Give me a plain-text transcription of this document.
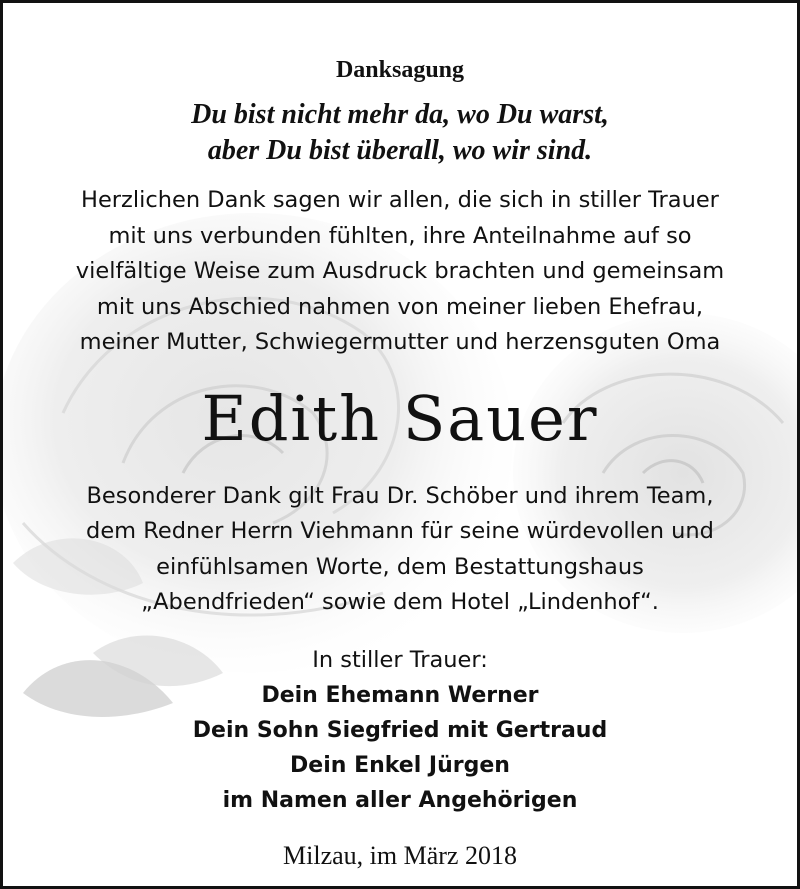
Danksagung
Du bist nicht mehr da, wo Du warst,
aber Du bist überall, wo wir sind.
Herzlichen Dank sagen wir allen, die sich in stiller Trauer
mit uns verbunden fühlten, ihre Anteilnahme auf so
vielfältige Weise zum Ausdruck brachten und gemeinsam
mit uns Abschied nahmen von meiner lieben Ehefrau,
meiner Mutter, Schwiegermutter und herzensguten Oma
Edith Sauer
Besonderer Dank gilt Frau Dr. Schöber und ihrem Team,
dem Redner Herrn Viehmann für seine würdevollen und
einfühlsamen Worte, dem Bestattungshaus
„Abendfrieden“ sowie dem Hotel „Lindenhof“.
In stiller Trauer:
Dein Ehemann Werner
Dein Sohn Siegfried mit Gertraud
Dein Enkel Jürgen
im Namen aller Angehörigen
Milzau, im März 2018
